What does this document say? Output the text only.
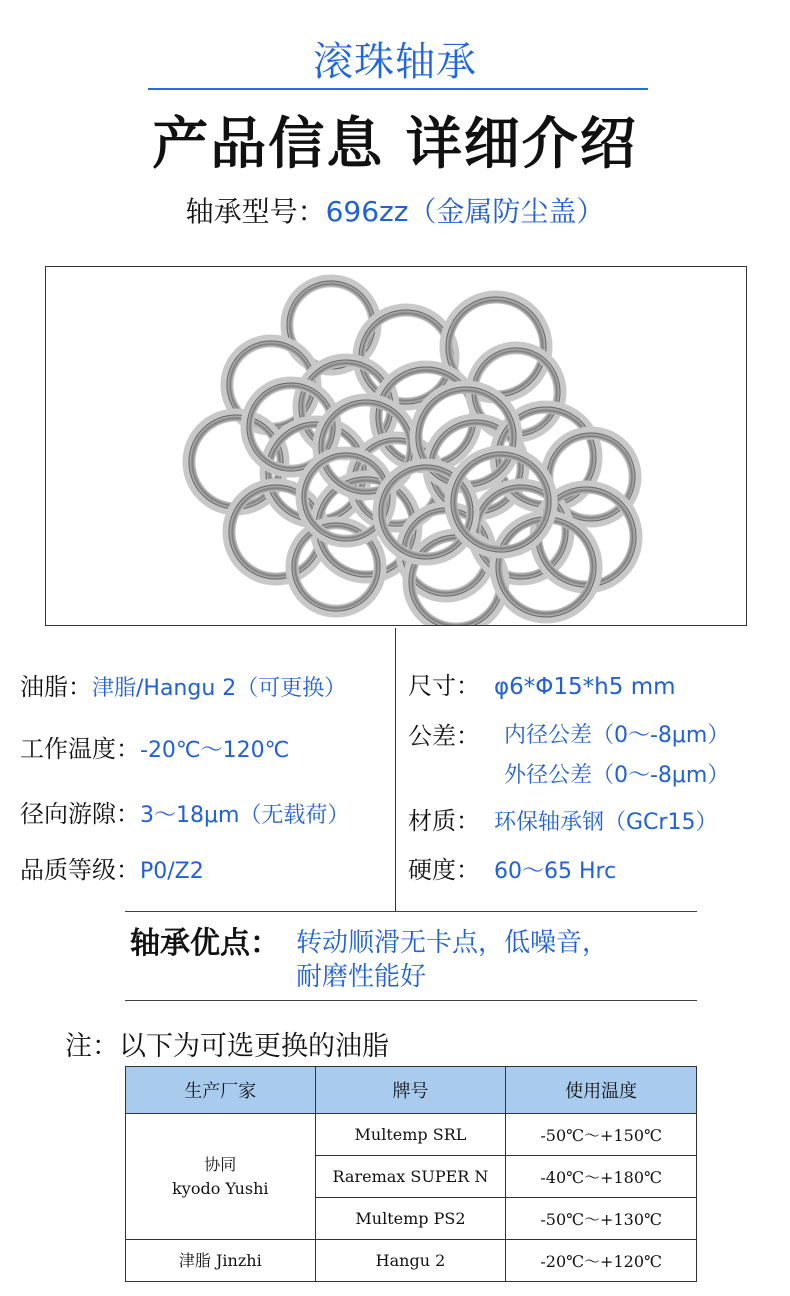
滚珠轴承
产品信息 详细介绍
轴承型号：696zz（金属防尘盖）
油脂：津脂/Hangu 2（可更换）
工作温度：-20℃～120℃
径向游隙：3～18μm（无载荷）
品质等级：P0/Z2
尺寸： φ6*Φ15*h5 mm
公差： 内径公差（0～-8μm）
外径公差（0～-8μm）
材质： 环保轴承钢（GCr15）
硬度： 60～65 Hrc
轴承优点： 转动顺滑无卡点，低噪音，
耐磨性能好
注：以下为可选更换的油脂
生产厂家	牌号	使用温度

协同
kyodo Yushi	Multemp SRL	-50℃～+150℃
	Raremax SUPER N	-40℃～+180℃
	Multemp PS2	-50℃～+130℃
津脂 Jinzhi	Hangu 2	-20℃～+120℃
